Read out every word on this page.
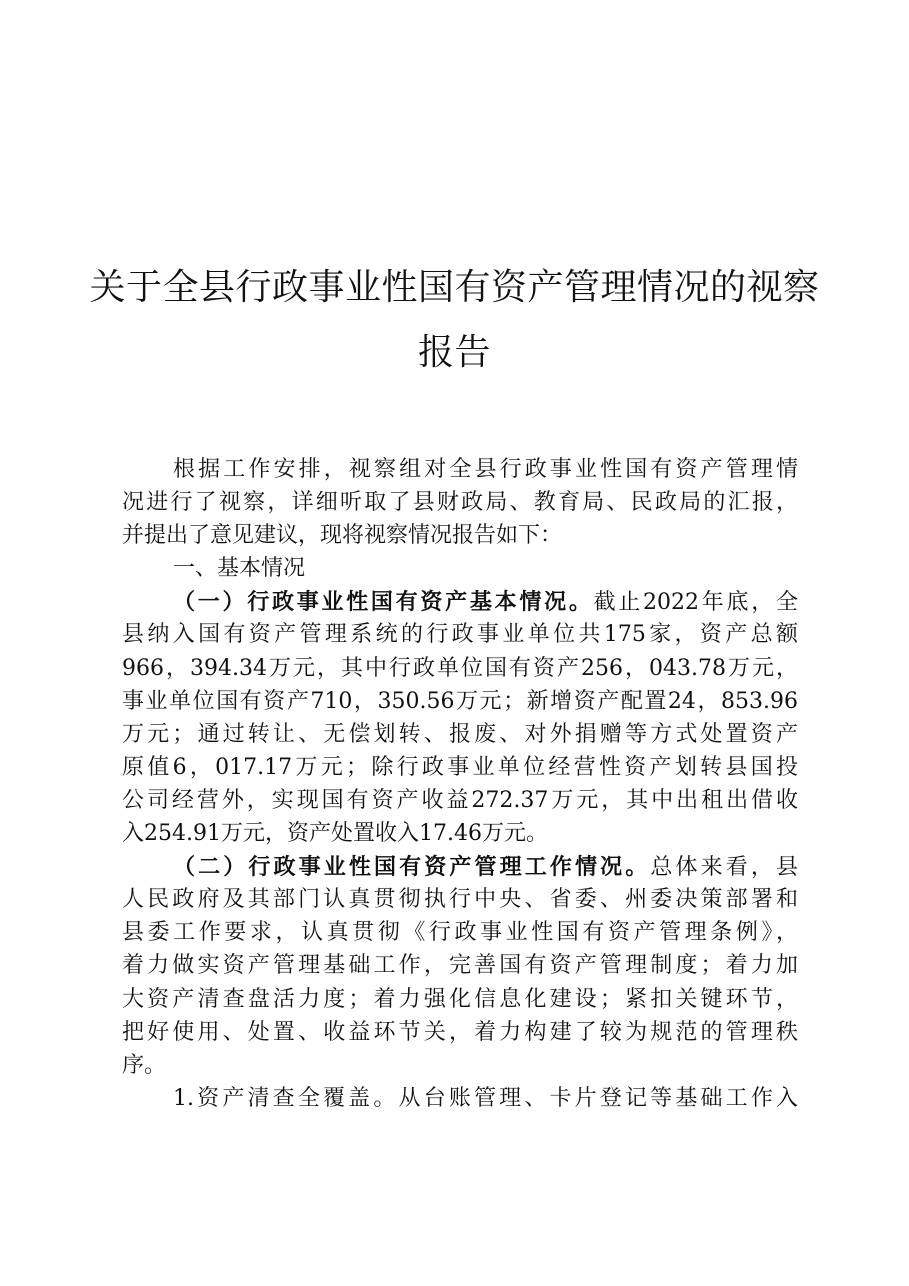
关于全县行政事业性国有资产管理情况的视察
报告
根据工作安排，视察组对全县行政事业性国有资产管理情
况进行了视察，详细听取了县财政局、教育局、民政局的汇报，
并提出了意见建议，现将视察情况报告如下：
一、基本情况
（一）行政事业性国有资产基本情况。截止2022年底，全
县纳入国有资产管理系统的行政事业单位共175家，资产总额
966，394.34万元，其中行政单位国有资产256，043.78万元，
事业单位国有资产710，350.56万元；新增资产配置24，853.96
万元；通过转让、无偿划转、报废、对外捐赠等方式处置资产
原值6，017.17万元；除行政事业单位经营性资产划转县国投
公司经营外，实现国有资产收益272.37万元，其中出租出借收
入254.91万元，资产处置收入17.46万元。
（二）行政事业性国有资产管理工作情况。总体来看，县
人民政府及其部门认真贯彻执行中央、省委、州委决策部署和
县委工作要求，认真贯彻《行政事业性国有资产管理条例》，
着力做实资产管理基础工作，完善国有资产管理制度；着力加
大资产清查盘活力度；着力强化信息化建设；紧扣关键环节，
把好使用、处置、收益环节关，着力构建了较为规范的管理秩
序。
1.资产清查全覆盖。从台账管理、卡片登记等基础工作入
